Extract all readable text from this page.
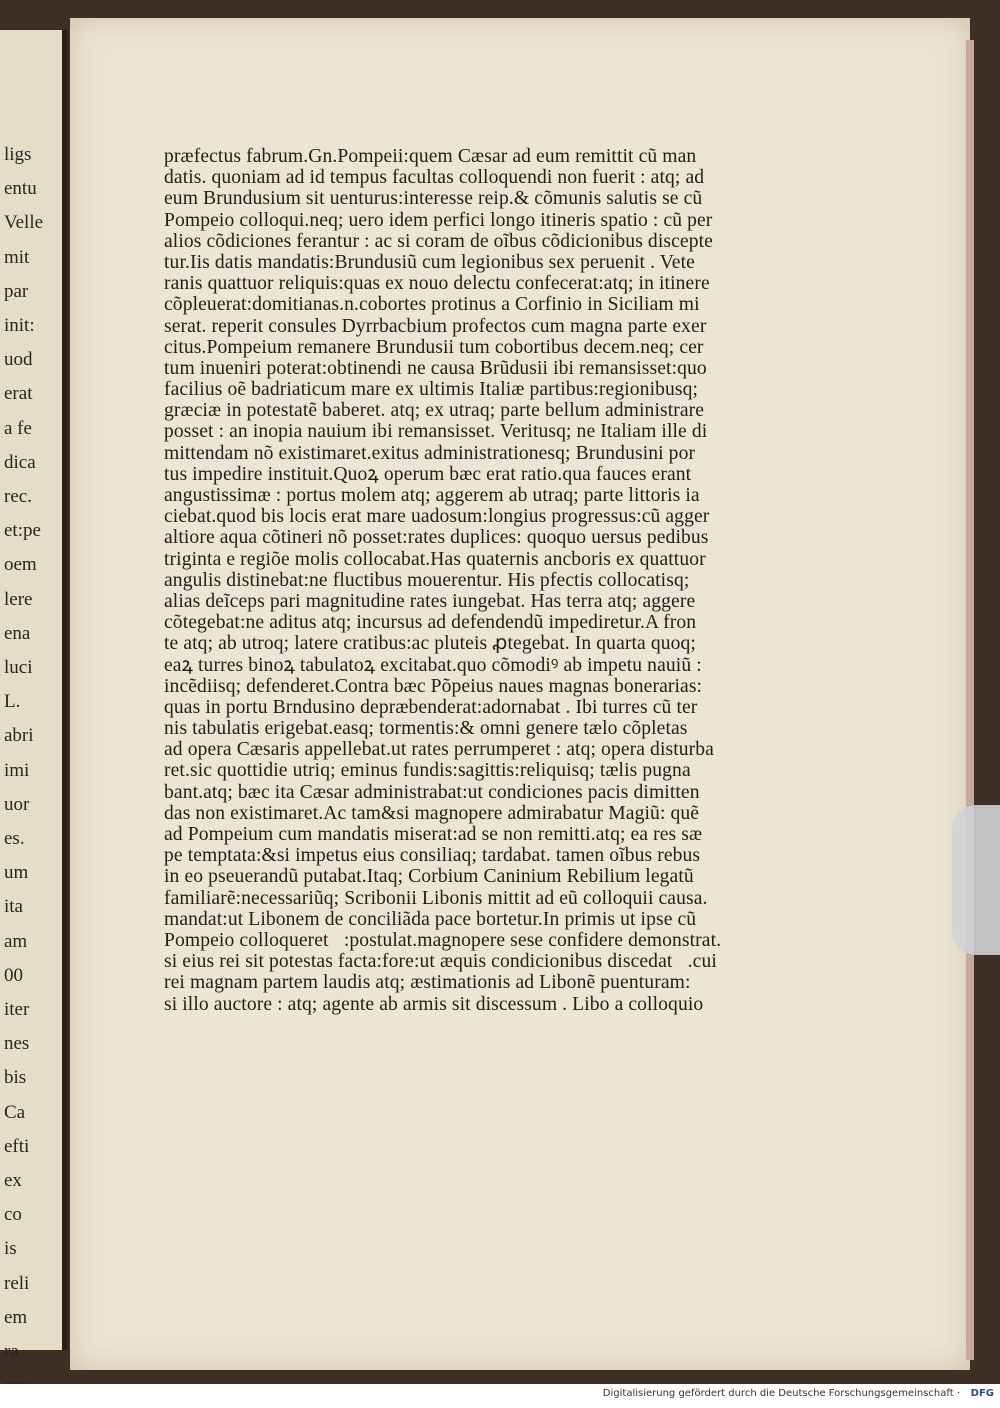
ligs
entu
Velle
mit
par
init:
uod
erat
a fe
dica
rec.
et:pe
oem
lere
ena
luci
L.
abri
imi
uor
es.
um
ita
am
00
iter
nes
bis
Ca
efti
ex
co
is
reli
em
ra
præfectus fabrum.Gn.Pompeii:quem Cæsar ad eum remittit cũ man
datis. quoniam ad id tempus facultas colloquendi non fuerit : atq; ad
eum Brundusium sit uenturus:interesse reip.& cõmunis salutis se cũ
Pompeio colloqui.neq; uero idem perfici longo itineris spatio : cũ per
alios cõdiciones ferantur : ac si coram de oĩbus cõdicionibus discepte
tur.Iis datis mandatis:Brundusiũ cum legionibus sex peruenit . Vete
ranis quattuor reliquis:quas ex nouo delectu confecerat:atq; in itinere
cõpleuerat:domitianas.n.cobortes protinus a Corfinio in Siciliam mi
serat. reperit consules Dyrrbacbium profectos cum magna parte exer
citus.Pompeium remanere Brundusii tum cobortibus decem.neq; cer
tum inueniri poterat:obtinendi ne causa Brũdusii ibi remansisset:quo
facilius oẽ badriaticum mare ex ultimis Italiæ partibus:regionibusq;
græciæ in potestatẽ baberet. atq; ex utraq; parte bellum administrare
posset : an inopia nauium ibi remansisset. Veritusq; ne Italiam ille di
mittendam nõ existimaret.exitus administrationesq; Brundusini por
tus impedire instituit.Quoꝝ operum bæc erat ratio.qua fauces erant
angustissimæ : portus molem atq; aggerem ab utraq; parte littoris ia
ciebat.quod bis locis erat mare uadosum:longius progressus:cũ agger
altiore aqua cõtineri nõ posset:rates duplices: quoquo uersus pedibus
triginta e regiõe molis collocabat.Has quaternis ancboris ex quattuor
angulis distinebat:ne fluctibus mouerentur. His pfectis collocatisq;
alias deĩceps pari magnitudine rates iungebat. Has terra atq; aggere
cõtegebat:ne aditus atq; incursus ad defendendũ impediretur.A fron
te atq; ab utroq; latere cratibus:ac pluteis ꝓtegebat. In quarta quoq;
eaꝝ turres binoꝝ tabulatoꝝ excitabat.quo cõmodiꝰ ab impetu nauiũ :
incẽdiisq; defenderet.Contra bæc Põpeius naues magnas bonerarias:
quas in portu Brndusino depræbenderat:adornabat . Ibi turres cũ ter
nis tabulatis erigebat.easq; tormentis:& omni genere tælo cõpletas
ad opera Cæsaris appellebat.ut rates perrumperet : atq; opera disturba
ret.sic quottidie utriq; eminus fundis:sagittis:reliquisq; tælis pugna
bant.atq; bæc ita Cæsar administrabat:ut condiciones pacis dimitten
das non existimaret.Ac tam&si magnopere admirabatur Magiũ: quẽ
ad Pompeium cum mandatis miserat:ad se non remitti.atq; ea res sæ
pe temptata:&si impetus eius consiliaq; tardabat. tamen oĩbus rebus
in eo pseuerandũ putabat.Itaq; Corbium Caninium Rebilium legatũ
familiarẽ:necessariũq; Scribonii Libonis mittit ad eũ colloquii causa.
mandat:ut Libonem de conciliãda pace bortetur.In primis ut ipse cũ
Pompeio colloqueretᷣ:postulat.magnopere sese confidere demonstrat.
si eius rei sit potestas facta:fore:ut æquis condicionibus discedatᷣ.cuiꝰ
rei magnam partem laudis atq; æstimationis ad Libonẽ puenturam:
si illo auctore : atq; agente ab armis sit discessum . Libo a colloquio
Digitalisierung gefördert durch die Deutsche Forschungsgemeinschaft · DFG
